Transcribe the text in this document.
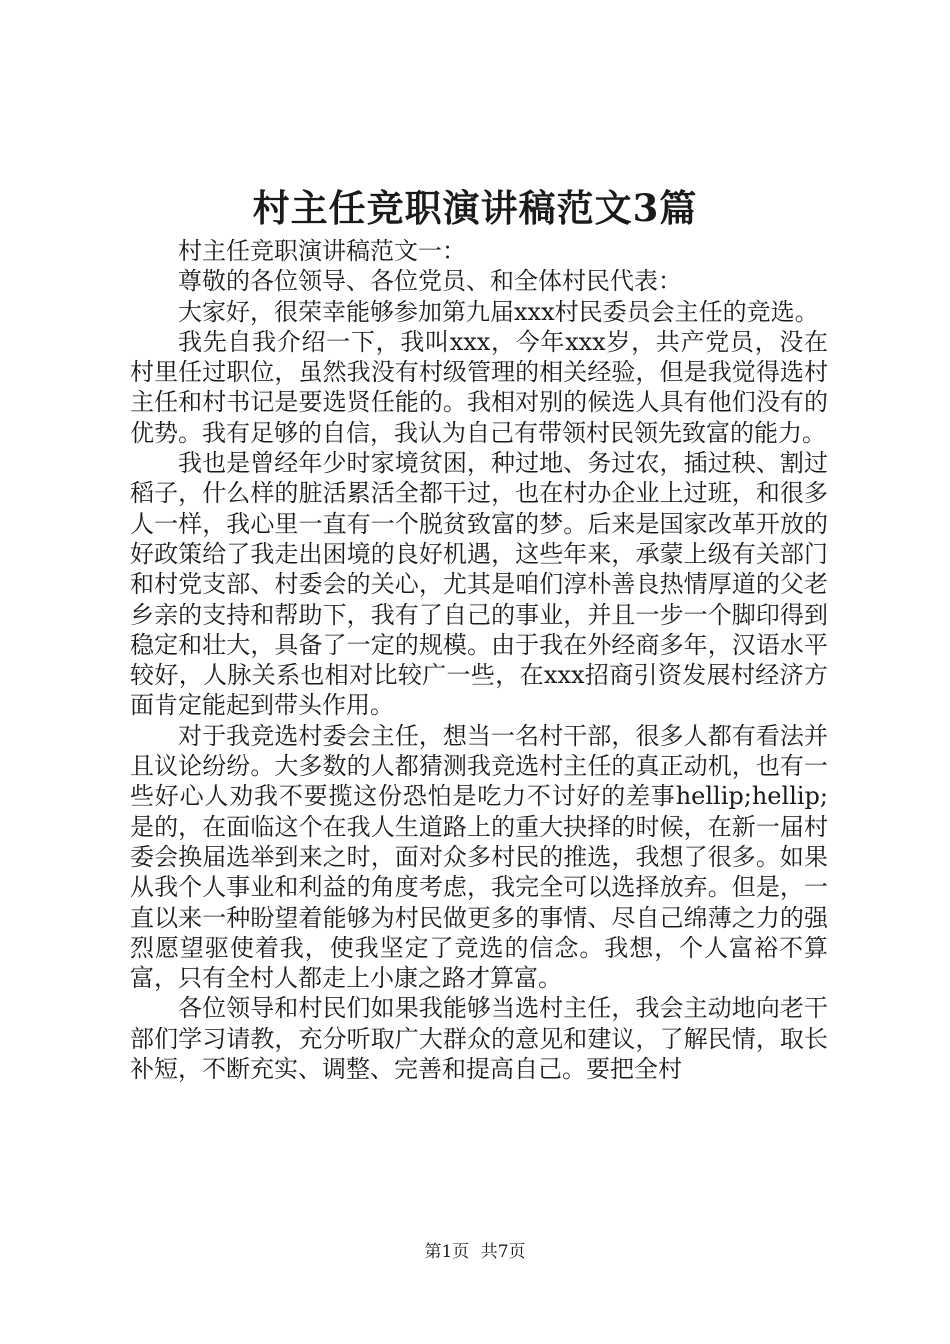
村主任竞职演讲稿范文3篇

村主任竞职演讲稿范文一：

尊敬的各位领导、各位党员、和全体村民代表：

大家好，很荣幸能够参加第九届xxx村民委员会主任的竞选。

我先自我介绍一下，我叫xxx，今年xxx岁，共产党员，没在村里任过职位，虽然我没有村级管理的相关经验，但是我觉得选村主任和村书记是要选贤任能的。我相对别的候选人具有他们没有的优势。我有足够的自信，我认为自己有带领村民领先致富的能力。

我也是曾经年少时家境贫困，种过地、务过农，插过秧、割过稻子，什么样的脏活累活全都干过，也在村办企业上过班，和很多人一样，我心里一直有一个脱贫致富的梦。后来是国家改革开放的好政策给了我走出困境的良好机遇，这些年来，承蒙上级有关部门和村党支部、村委会的关心，尤其是咱们淳朴善良热情厚道的父老乡亲的支持和帮助下，我有了自己的事业，并且一步一个脚印得到稳定和壮大，具备了一定的规模。由于我在外经商多年，汉语水平较好，人脉关系也相对比较广一些，在xxx招商引资发展村经济方面肯定能起到带头作用。

对于我竞选村委会主任，想当一名村干部，很多人都有看法并且议论纷纷。大多数的人都猜测我竞选村主任的真正动机，也有一些好心人劝我不要揽这份恐怕是吃力不讨好的差事hellip;hellip;是的，在面临这个在我人生道路上的重大抉择的时候，在新一届村委会换届选举到来之时，面对众多村民的推选，我想了很多。如果从我个人事业和利益的角度考虑，我完全可以选择放弃。但是，一直以来一种盼望着能够为村民做更多的事情、尽自己绵薄之力的强烈愿望驱使着我，使我坚定了竞选的信念。我想，个人富裕不算富，只有全村人都走上小康之路才算富。

各位领导和村民们如果我能够当选村主任，我会主动地向老干部们学习请教，充分听取广大群众的意见和建议，了解民情，取长补短，不断充实、调整、完善和提高自己。要把全村

第1页 共7页
